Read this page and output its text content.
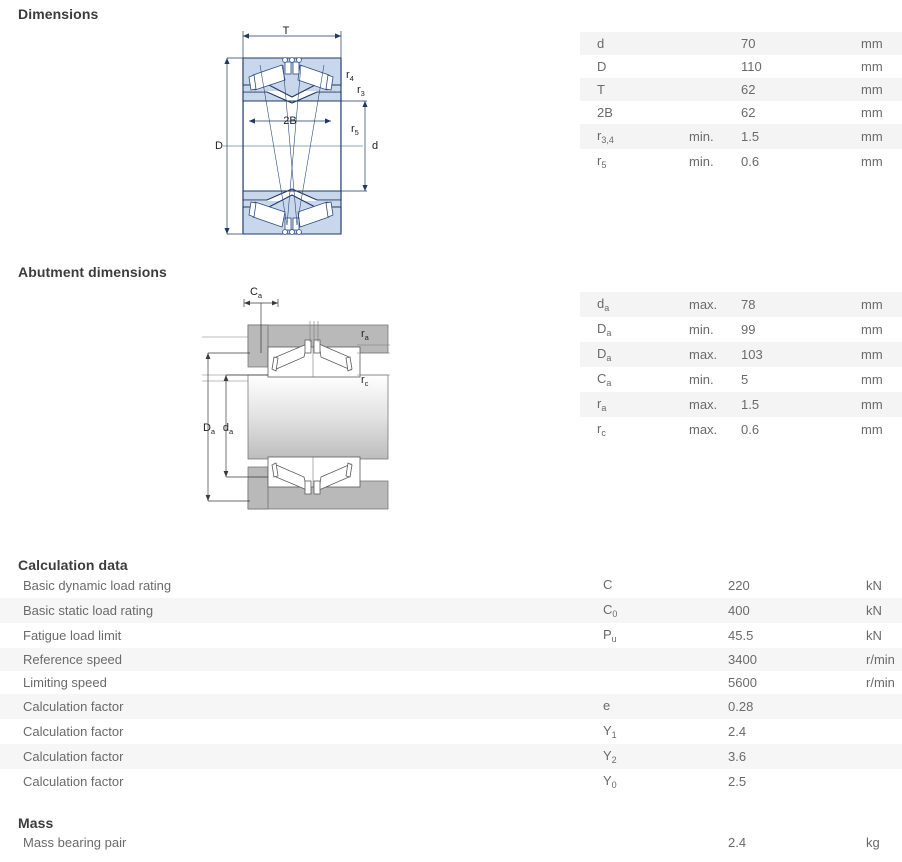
Dimensions
T
$r_4$
$r_3$
$r_5$
2B
D	d
d		70	mm
D		110	mm
T		62	mm
2B		62	mm
$r_{3,4}$	min.	1.5	mm
$r_5$	min.	0.6	mm
Abutment dimensions
$C_a$
$r_a$
$r_c$
$D_a$ $d_a$
$d_a$	max.	78	mm
$D_a$	min.	99	mm
$D_a$	max.	103	mm
$C_a$	min.	5	mm
$r_a$	max.	1.5	mm
$r_c$	max.	0.6	mm
Calculation data
Basic dynamic load rating	C	220	kN
Basic static load rating	$C_0$	400	kN
Fatigue load limit	$P_u$	45.5	kN
Reference speed		3400	r/min
Limiting speed		5600	r/min
Calculation factor	e	0.28	
Calculation factor	$Y_1$	2.4	
Calculation factor	$Y_2$	3.6	
Calculation factor	$Y_0$	2.5	
Mass
Mass bearing pair		2.4	kg
